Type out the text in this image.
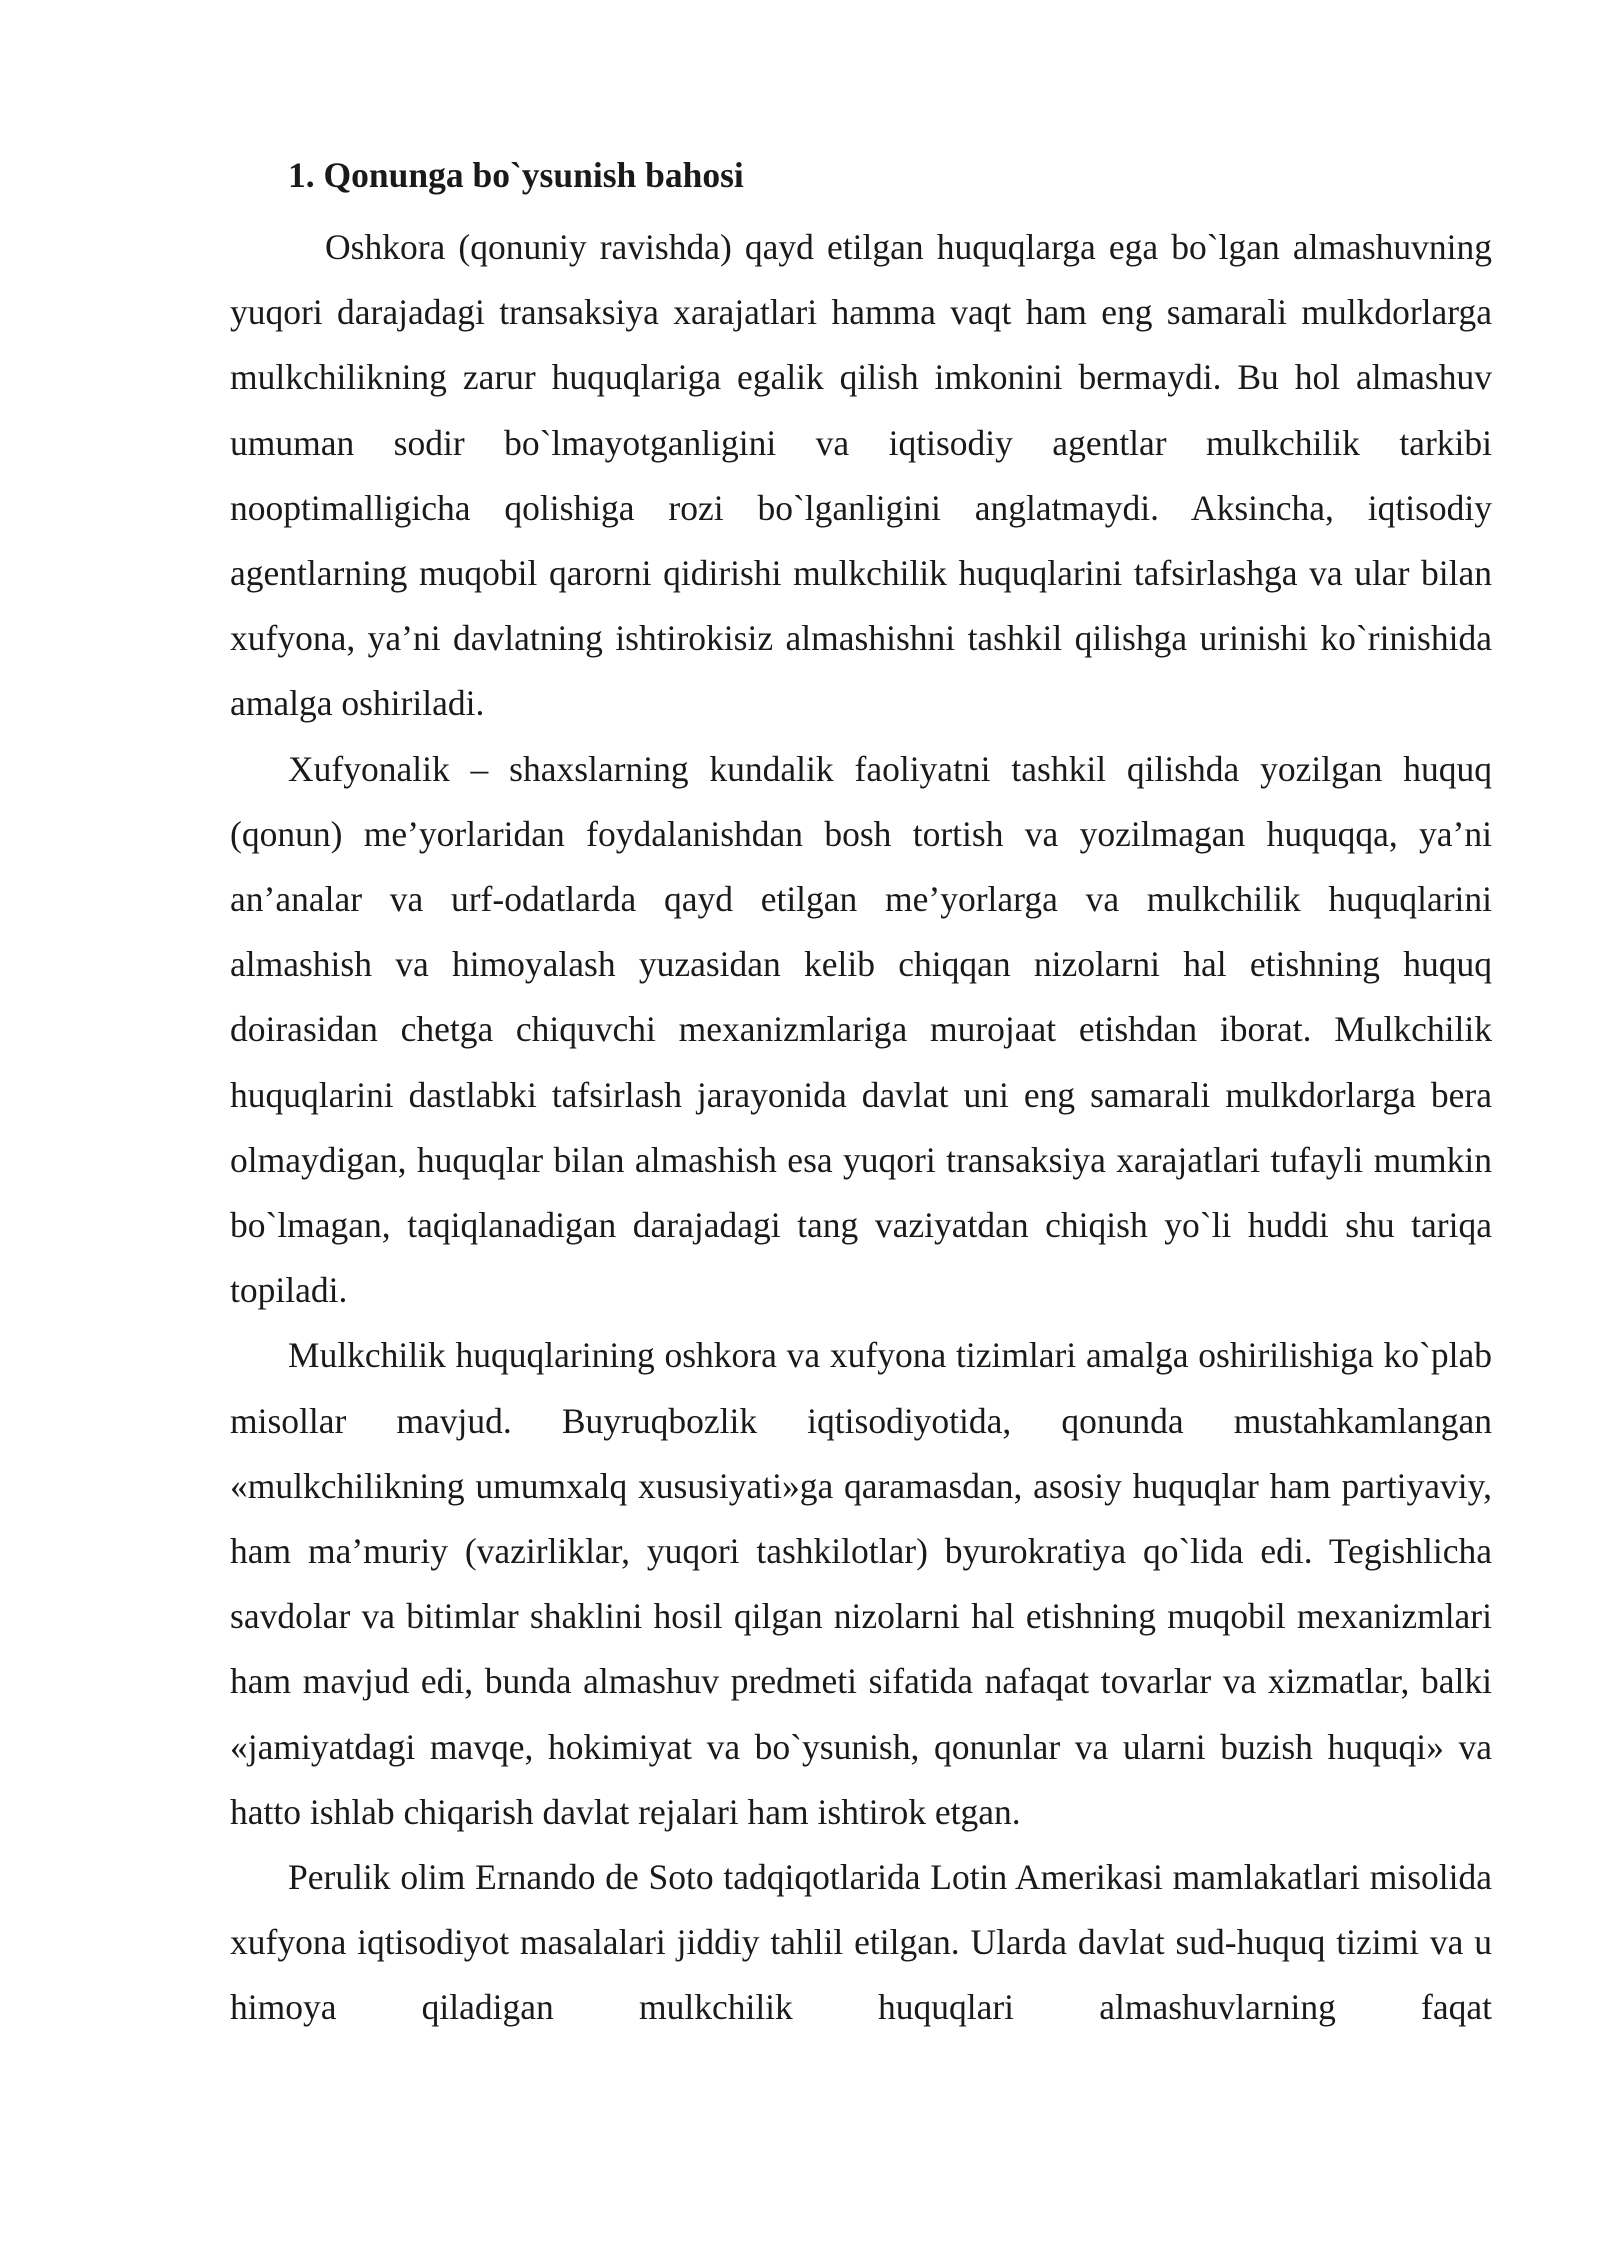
1. Qonunga bo`ysunish bahosi

Oshkora (qonuniy ravishda) qayd etilgan huquqlarga ega bo`lgan almashuvning yuqori darajadagi transaksiya xarajatlari hamma vaqt ham eng samarali mulkdorlarga mulkchilikning zarur huquqlariga egalik qilish imkonini bermaydi. Bu hol almashuv umuman sodir bo`lmayotganligini va iqtisodiy agentlar mulkchilik tarkibi nooptimalligicha qolishiga rozi bo`lganligini anglatmaydi. Aksincha, iqtisodiy agentlarning muqobil qarorni qidirishi mulkchilik huquqlarini tafsirlashga va ular bilan xufyona, ya’ni davlatning ishtirokisiz almashishni tashkil qilishga urinishi ko`rinishida amalga oshiriladi.

Xufyonalik – shaxslarning kundalik faoliyatni tashkil qilishda yozilgan huquq (qonun) me’yorlaridan foydalanishdan bosh tortish va yozilmagan huquqqa, ya’ni an’analar va urf-odatlarda qayd etilgan me’yorlarga va mulkchilik huquqlarini almashish va himoyalash yuzasidan kelib chiqqan nizolarni hal etishning huquq doirasidan chetga chiquvchi mexanizmlariga murojaat etishdan iborat. Mulkchilik huquqlarini dastlabki tafsirlash jarayonida davlat uni eng samarali mulkdorlarga bera olmaydigan, huquqlar bilan almashish esa yuqori transaksiya xarajatlari tufayli mumkin bo`lmagan, taqiqlanadigan darajadagi tang vaziyatdan chiqish yo`li huddi shu tariqa topiladi.

Mulkchilik huquqlarining oshkora va xufyona tizimlari amalga oshirilishiga ko`plab misollar mavjud. Buyruqbozlik iqtisodiyotida, qonunda mustahkamlangan «mulkchilikning umumxalq xususiyati»ga qaramasdan, asosiy huquqlar ham partiyaviy, ham ma’muriy (vazirliklar, yuqori tashkilotlar) byurokratiya qo`lida edi. Tegishlicha savdolar va bitimlar shaklini hosil qilgan nizolarni hal etishning muqobil mexanizmlari ham mavjud edi, bunda almashuv predmeti sifatida nafaqat tovarlar va xizmatlar, balki «jamiyatdagi mavqe, hokimiyat va bo`ysunish, qonunlar va ularni buzish huquqi» va hatto ishlab chiqarish davlat rejalari ham ishtirok etgan.

Perulik olim Ernando de Soto tadqiqotlarida Lotin Amerikasi mamlakatlari misolida xufyona iqtisodiyot masalalari jiddiy tahlil etilgan. Ularda davlat sud-huquq tizimi va u himoya qiladigan mulkchilik huquqlari almashuvlarning faqat
